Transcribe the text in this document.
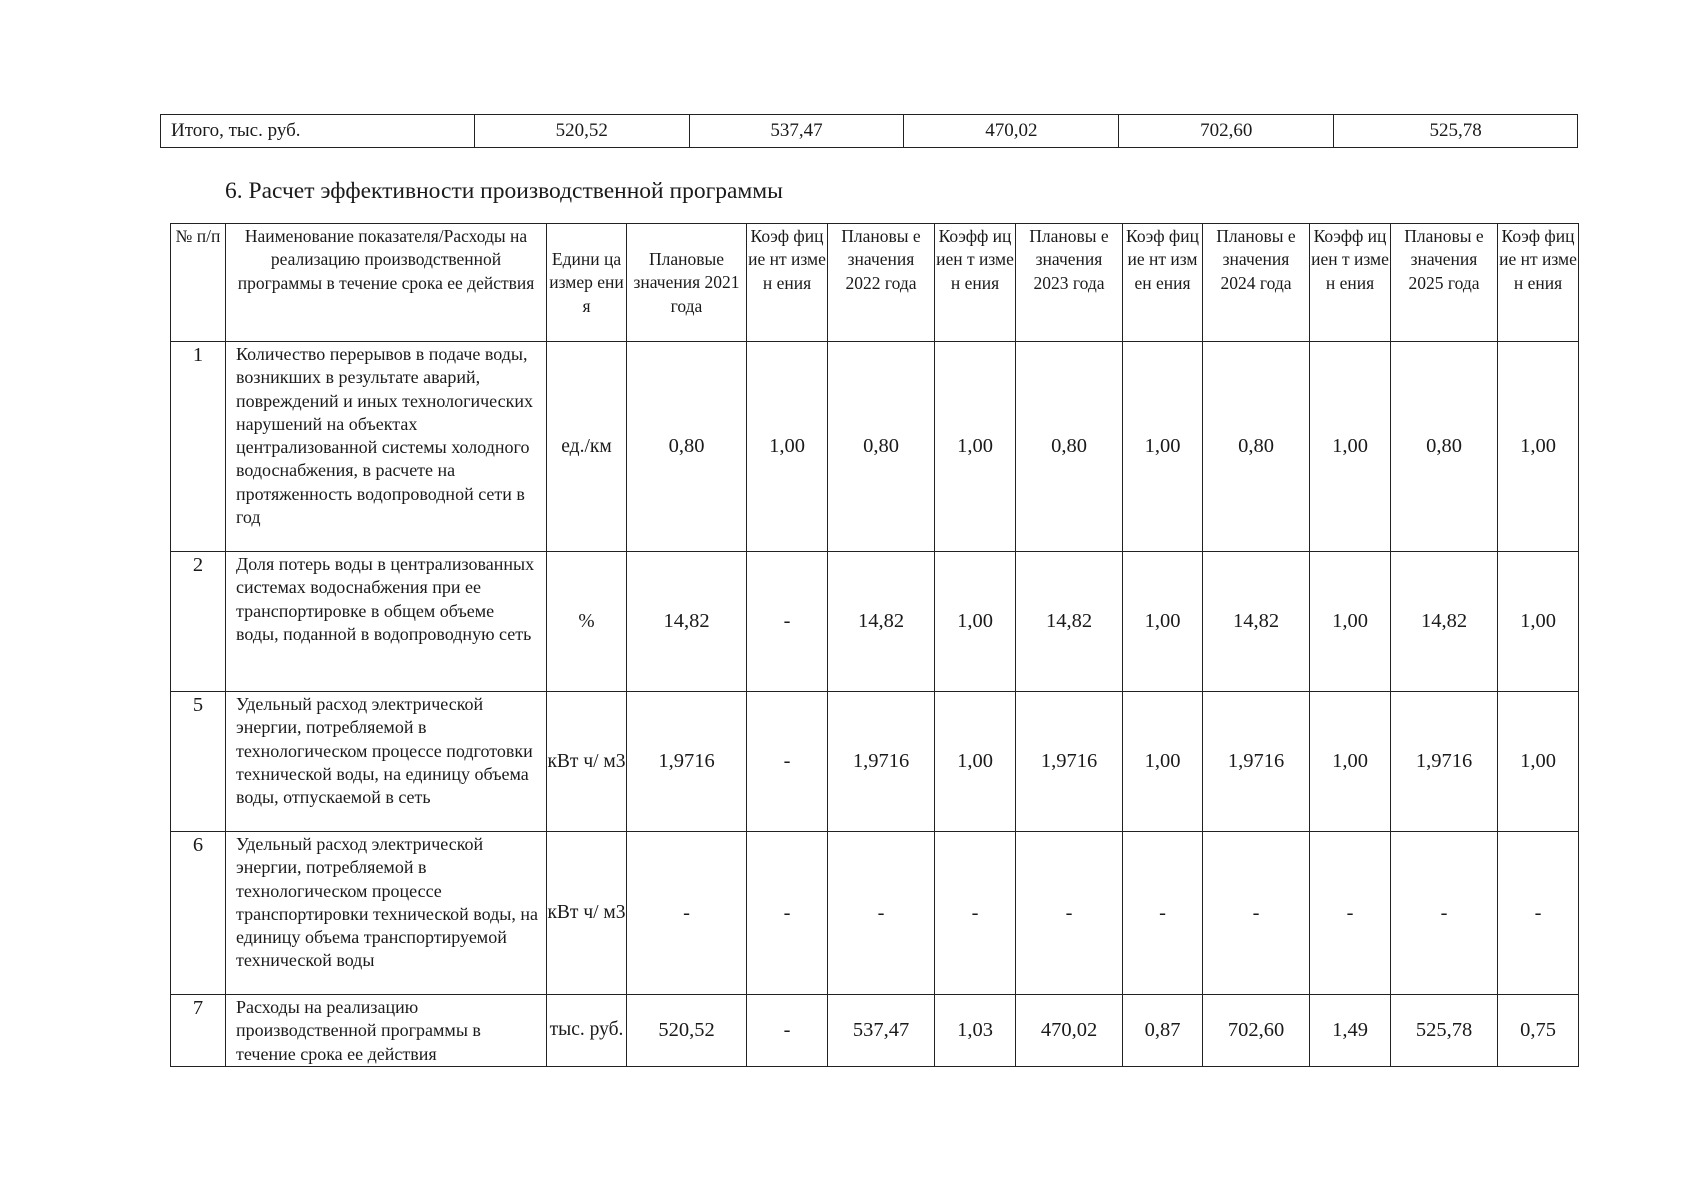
Итого, тыс. руб.	520,52	537,47	470,02	702,60	525,78
6. Расчет эффективности производственной программы
№ п/п	Наименование показателя/Расходы на реализацию производственной программы в течение срока ее действия	Едини ца измер ения	Плановые значения 2021 года	Коэф фицие нт измен ения	Плановы е значения 2022 года	Коэфф ициен т измен ения	Плановы е значения 2023 года	Коэф фицие нт измен ения	Плановы е значения 2024 года	Коэфф ициен т измен ения	Плановы е значения 2025 года	Коэф фицие нт измен ения
1	Количество перерывов в подаче воды, возникших в результате аварий, повреждений и иных технологических нарушений на объектах централизованной системы холодного водоснабжения, в расчете на протяженность водопроводной сети в год	ед./км	0,80	1,00	0,80	1,00	0,80	1,00	0,80	1,00	0,80	1,00
2	Доля потерь воды в централизованных системах водоснабжения при ее транспортировке в общем объеме воды, поданной в водопроводную сеть	%	14,82	-	14,82	1,00	14,82	1,00	14,82	1,00	14,82	1,00
5	Удельный расход электрической энергии, потребляемой в технологическом процессе подготовки технической воды, на единицу объема воды, отпускаемой в сеть	кВт ч/ м3	1,9716	-	1,9716	1,00	1,9716	1,00	1,9716	1,00	1,9716	1,00
6	Удельный расход электрической энергии, потребляемой в технологическом процессе транспортировки технической воды, на единицу объема транспортируемой технической воды	кВт ч/ м3	-	-	-	-	-	-	-	-	-	-
7	Расходы на реализацию производственной программы в течение срока ее действия	тыс. руб.	520,52	-	537,47	1,03	470,02	0,87	702,60	1,49	525,78	0,75
